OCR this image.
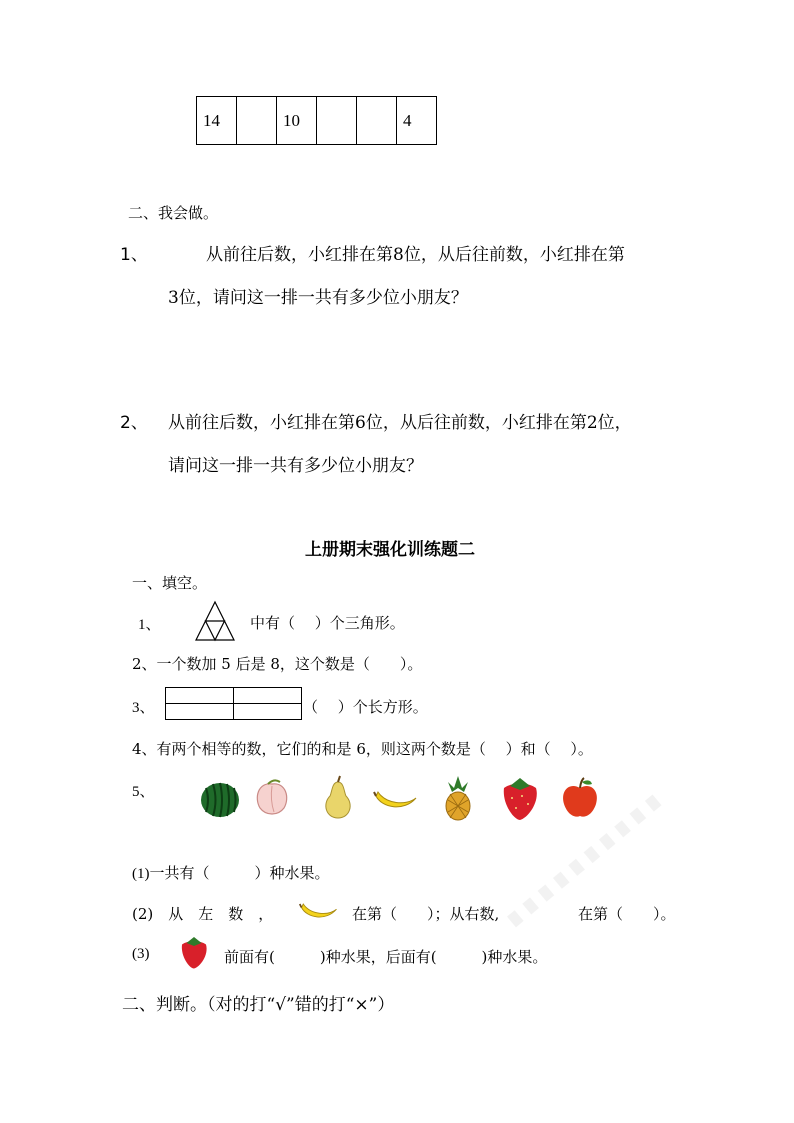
14		10			4
二、我会做。
1、	从前往后数，小红排在第8位，从后往前数，小红排在第
3位，请问这一排一共有多少位小朋友？
2、 从前往后数，小红排在第6位，从后往前数，小红排在第2位，
请问这一排一共有多少位小朋友？
上册期末强化训练题二
一、填空。
1、	中有（　 ）个三角形。
2、一个数加 5 后是 8，这个数是（　　）。
3、	（　 ）个长方形。
4、有两个相等的数，它们的和是 6，则这两个数是（　 ）和（　 ）。
5、
(1)一共有（　　　）种水果。
(2)　从　左　数　，	在第（　　）；从右数,	在第（　　）。
(3)	前面有(　　　)种水果，后面有(　　　)种水果。
二、判断。（对的打“√”错的打“×”）
